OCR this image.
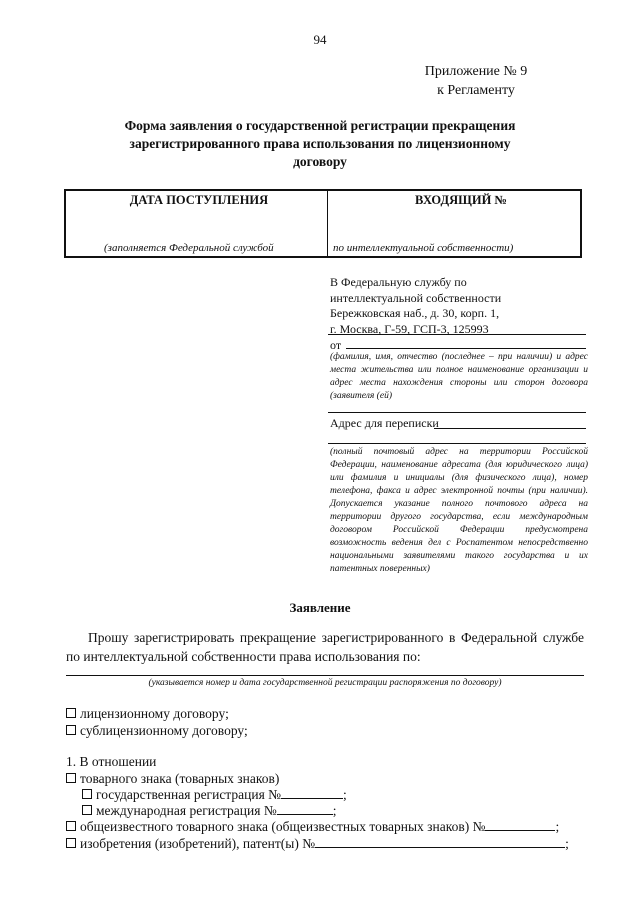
94
Приложение № 9
к Регламенту
Форма заявления о государственной регистрации прекращения
зарегистрированного права использования по лицензионному
договору
ДАТА ПОСТУПЛЕНИЯ	ВХОДЯЩИЙ №
(заполняется Федеральной службой	по интеллектуальной собственности)
В Федеральную службу по
интеллектуальной собственности
Бережковская наб., д. 30, корп. 1,
г. Москва, Г-59, ГСП-3, 125993
от
(фамилия, имя, отчество (последнее – при наличии) и адрес места жительства или полное наименование организации и адрес места нахождения стороны или сторон договора (заявителя (ей)
Адрес для переписки
(полный почтовый адрес на территории Российской Федерации, наименование адресата (для юридического лица) или фамилия и инициалы (для физического лица), номер телефона, факса и адрес электронной почты (при наличии). Допускается указание полного почтового адреса на территории другого государства, если международным договором Российской Федерации предусмотрена возможность ведения дел с Роспатентом непосредственно национальными заявителями такого государства и их патентных поверенных)
Заявление
Прошу зарегистрировать прекращение зарегистрированного в Федеральной службе по интеллектуальной собственности права использования по:
(указывается номер и дата государственной регистрации распоряжения по договору)
лицензионному договору;
сублицензионному договору;
1. В отношении
товарного знака (товарных знаков)
государственная регистрация №	;
международная регистрация №	;
общеизвестного товарного знака (общеизвестных товарных знаков) №	;
изобретения (изобретений), патент(ы) №	;
